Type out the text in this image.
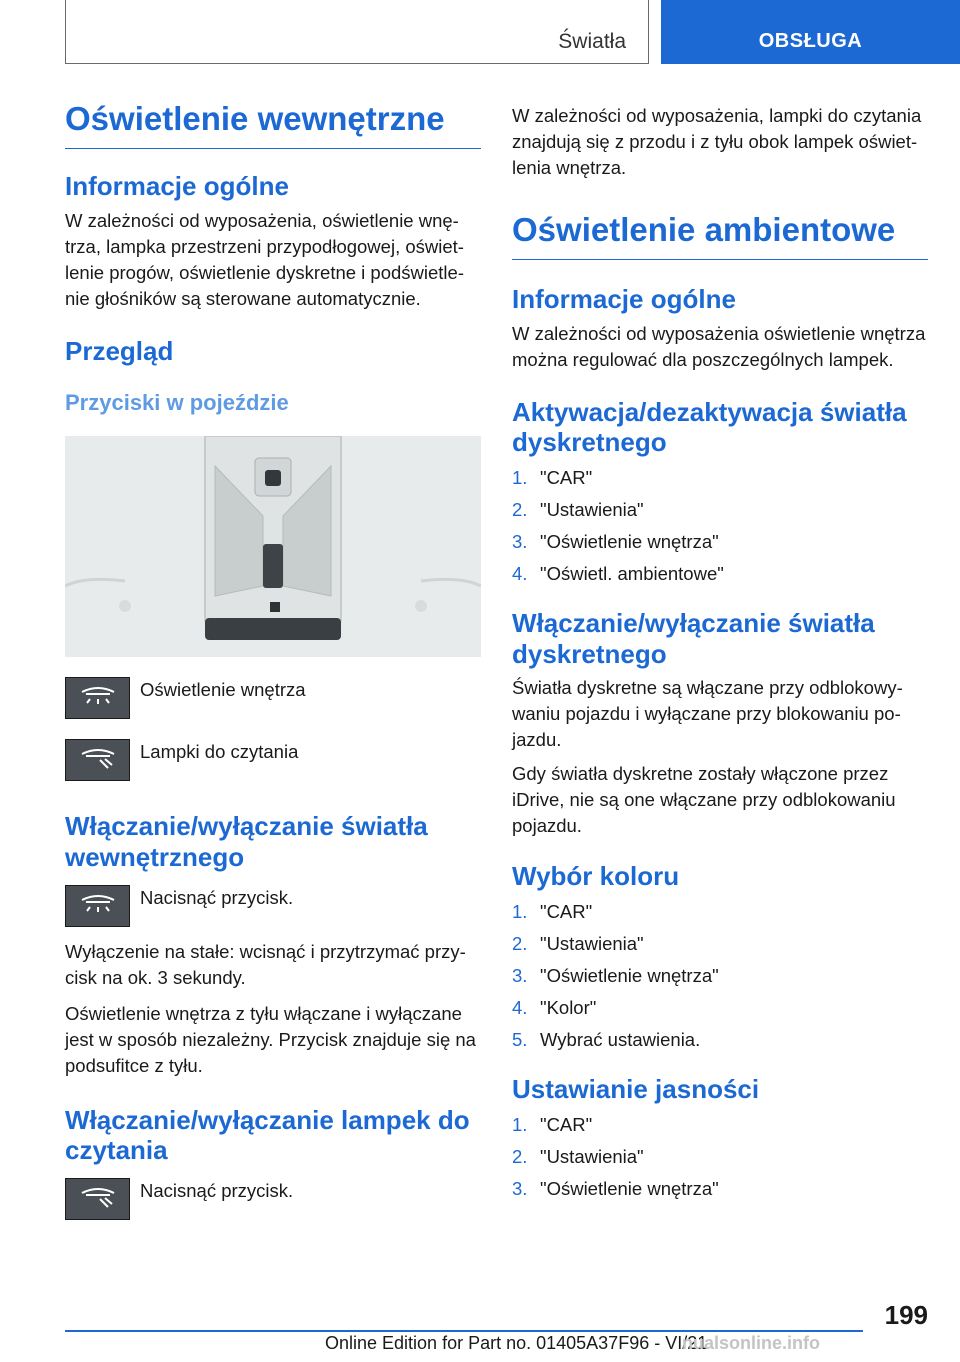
Światła	OBSŁUGA
Oświetlenie wewnętrzne
Informacje ogólne

W zależności od wyposażenia, oświetlenie wnętrza, lampka przestrzeni przypodłogowej, oświetlenie progów, oświetlenie dyskretne i podświetlenie głośników są sterowane automatycznie.

Przegląd
Przyciski w pojeździe
Oświetlenie wnętrza
Lampki do czytania
Włączanie/wyłączanie światła wewnętrznego
Nacisnąć przycisk.

Wyłączenie na stałe: wcisnąć i przytrzymać przycisk na ok. 3 sekundy.

Oświetlenie wnętrza z tyłu włączane i wyłączane jest w sposób niezależny. Przycisk znajduje się na podsufitce z tyłu.

Włączanie/wyłączanie lampek do czytania
Nacisnąć przycisk.

W zależności od wyposażenia, lampki do czytania znajdują się z przodu i z tyłu obok lampek oświetlenia wnętrza.

Oświetlenie ambientowe
Informacje ogólne

W zależności od wyposażenia oświetlenie wnętrza można regulować dla poszczególnych lampek.

Aktywacja/dezaktywacja światła dyskretnego
1. "CAR"
2. "Ustawienia"
3. "Oświetlenie wnętrza"
4. "Oświetl. ambientowe"
Włączanie/wyłączanie światła dyskretnego

Światła dyskretne są włączane przy odblokowywaniu pojazdu i wyłączane przy blokowaniu pojazdu.

Gdy światła dyskretne zostały włączone przez iDrive, nie są one włączane przy odblokowaniu pojazdu.

Wybór koloru
1. "CAR"
2. "Ustawienia"
3. "Oświetlenie wnętrza"
4. "Kolor"
5. Wybrać ustawienia.
Ustawianie jasności
1. "CAR"
2. "Ustawienia"
3. "Oświetlenie wnętrza"
199
Online Edition for Part no. 01405A37F96 - VI/21
nualsonline.info
